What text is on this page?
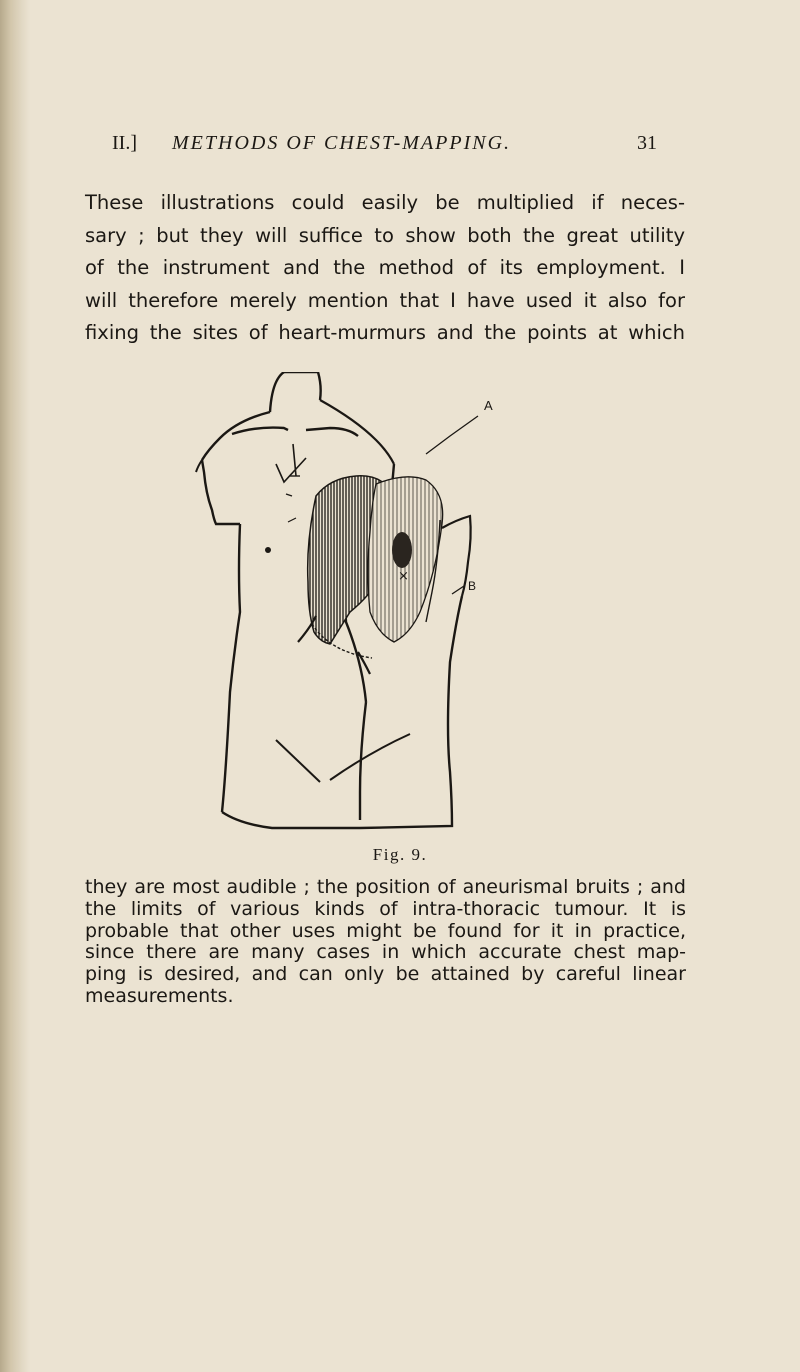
II.] METHODS OF CHEST-MAPPING.	31
These illustrations could easily be multiplied if neces-
sary ; but they will suffice to show both the great utility
of the instrument and the method of its employment. I
will therefore merely mention that I have used it also for
fixing the sites of heart-murmurs and the points at which
×
A
B
Fig. 9.
they are most audible ; the position of aneurismal bruits ; and
the limits of various kinds of intra-thoracic tumour. It is
probable that other uses might be found for it in practice,
since there are many cases in which accurate chest map-
ping is desired, and can only be attained by careful linear
measurements.
